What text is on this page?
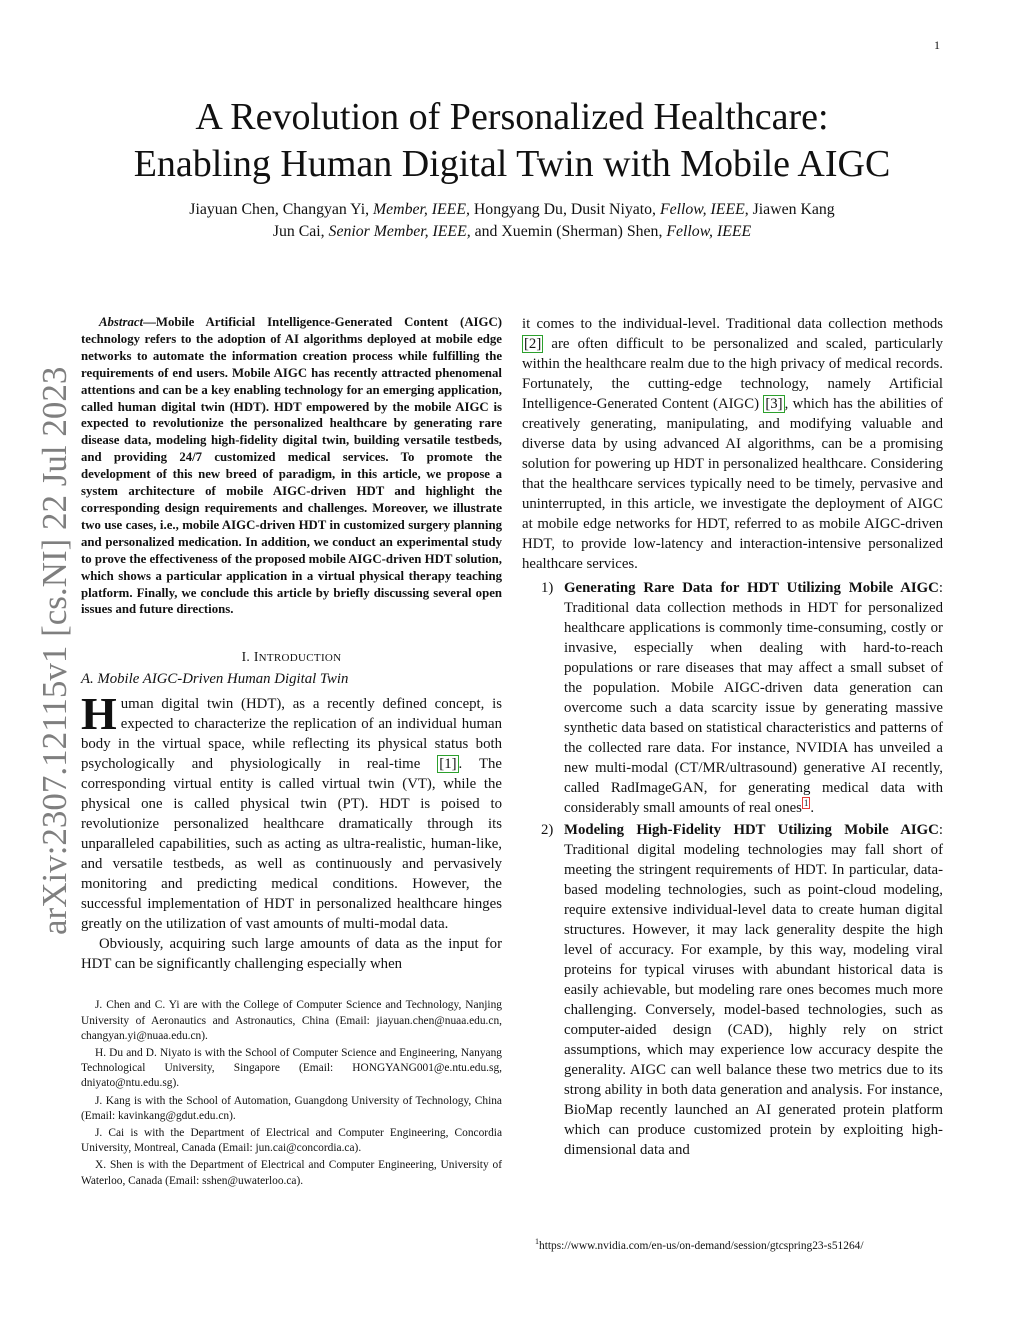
1
arXiv:2307.12115v1 [cs.NI] 22 Jul 2023
A Revolution of Personalized Healthcare:
Enabling Human Digital Twin with Mobile AIGC
Jiayuan Chen, Changyan Yi, Member, IEEE, Hongyang Du, Dusit Niyato, Fellow, IEEE, Jiawen Kang
Jun Cai, Senior Member, IEEE, and Xuemin (Sherman) Shen, Fellow, IEEE

Abstract—Mobile Artificial Intelligence-Generated Content (AIGC) technology refers to the adoption of AI algorithms deployed at mobile edge networks to automate the information creation process while fulfilling the requirements of end users. Mobile AIGC has recently attracted phenomenal attentions and can be a key enabling technology for an emerging application, called human digital twin (HDT). HDT empowered by the mobile AIGC is expected to revolutionize the personalized healthcare by generating rare disease data, modeling high-fidelity digital twin, building versatile testbeds, and providing 24/7 customized medical services. To promote the development of this new breed of paradigm, in this article, we propose a system architecture of mobile AIGC-driven HDT and highlight the corresponding design requirements and challenges. Moreover, we illustrate two use cases, i.e., mobile AIGC-driven HDT in customized surgery planning and personalized medication. In addition, we conduct an experimental study to prove the effectiveness of the proposed mobile AIGC-driven HDT solution, which shows a particular application in a virtual physical therapy teaching platform. Finally, we conclude this article by briefly discussing several open issues and future directions.

I. INTRODUCTION
A. Mobile AIGC-Driven Human Digital Twin

Human digital twin (HDT), as a recently defined concept, is expected to characterize the replication of an individual human body in the virtual space, while reflecting its physical status both psychologically and physiologically in real-time [1] . The corresponding virtual entity is called virtual twin (VT), while the physical one is called physical twin (PT). HDT is poised to revolutionize personalized healthcare dramatically through its unparalleled capabilities, such as acting as ultra-realistic, human-like, and versatile testbeds, as well as continuously and pervasively monitoring and predicting medical conditions. However, the successful implementation of HDT in personalized healthcare hinges greatly on the utilization of vast amounts of multi-modal data.

Obviously, acquiring such large amounts of data as the input for HDT can be significantly challenging especially when

J. Chen and C. Yi are with the College of Computer Science and Technology, Nanjing University of Aeronautics and Astronautics, China (Email: jiayuan.chen@nuaa.edu.cn, changyan.yi@nuaa.edu.cn).

H. Du and D. Niyato is with the School of Computer Science and Engineering, Nanyang Technological University, Singapore (Email: HONGYANG001@e.ntu.edu.sg, dniyato@ntu.edu.sg).

J. Kang is with the School of Automation, Guangdong University of Technology, China (Email: kavinkang@gdut.edu.cn).

J. Cai is with the Department of Electrical and Computer Engineering, Concordia University, Montreal, Canada (Email: jun.cai@concordia.ca).

X. Shen is with the Department of Electrical and Computer Engineering, University of Waterloo, Canada (Email: sshen@uwaterloo.ca).

it comes to the individual-level. Traditional data collection methods [2] are often difficult to be personalized and scaled, particularly within the healthcare realm due to the high privacy of medical records. Fortunately, the cutting-edge technology, namely Artificial Intelligence-Generated Content (AIGC) [3] , which has the abilities of creatively generating, manipulating, and modifying valuable and diverse data by using advanced AI algorithms, can be a promising solution for powering up HDT in personalized healthcare. Considering that the healthcare services typically need to be timely, pervasive and uninterrupted, in this article, we investigate the deployment of AIGC at mobile edge networks for HDT, referred to as mobile AIGC-driven HDT, to provide low-latency and interaction-intensive personalized healthcare services.

1) Generating Rare Data for HDT Utilizing Mobile AIGC: Traditional data collection methods in HDT for personalized healthcare applications is commonly time-consuming, costly or invasive, especially when dealing with hard-to-reach populations or rare diseases that may affect a small subset of the population. Mobile AIGC-driven data generation can overcome such a data scarcity issue by generating massive synthetic data based on statistical characteristics and patterns of the collected rare data. For instance, NVIDIA has unveiled a new multi-modal (CT/MR/ultrasound) generative AI recently, called RadImageGAN, for generating medical data with considerably small amounts of real ones $^1$ .
2) Modeling High-Fidelity HDT Utilizing Mobile AIGC: Traditional digital modeling technologies may fall short of meeting the stringent requirements of HDT. In particular, data-based modeling technologies, such as point-cloud modeling, require extensive individual-level data to create human digital structures. However, it may lack generality despite the high level of accuracy. For example, by this way, modeling viral proteins for typical viruses with abundant historical data is easily achievable, but modeling rare ones becomes much more challenging. Conversely, model-based technologies, such as computer-aided design (CAD), highly rely on strict assumptions, which may experience low accuracy despite the generality. AIGC can well balance these two metrics due to its strong ability in both data generation and analysis. For instance, BioMap recently launched an AI generated protein platform which can produce customized protein by exploiting high-dimensional data and
$^1$https://www.nvidia.com/en-us/on-demand/session/gtcspring23-s51264/
